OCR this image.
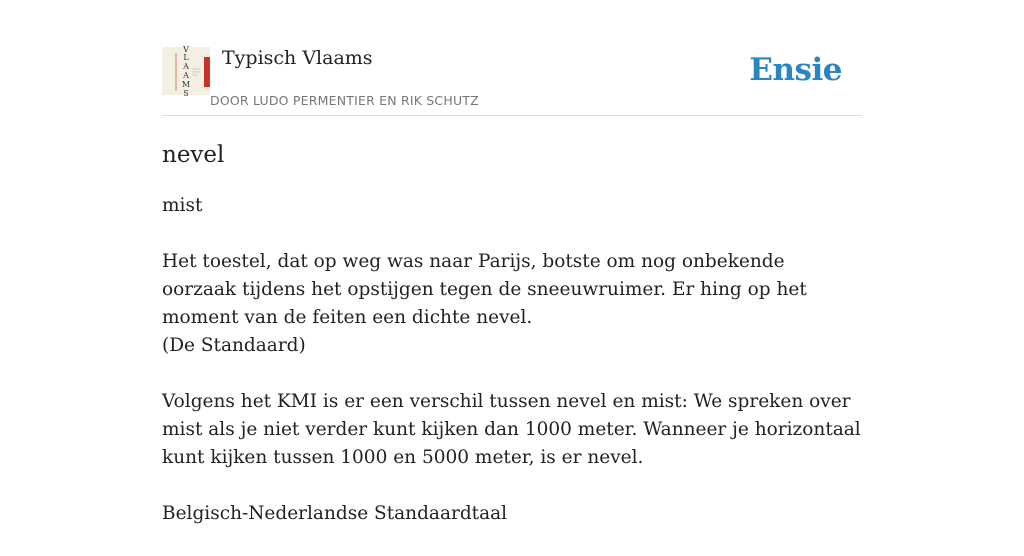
V
L
A
A
M
S
Typisch Vlaams
DOOR LUDO PERMENTIER EN RIK SCHUTZ
Ensie
nevel

mist

Het toestel, dat op weg was naar Parijs, botste om nog onbekende oorzaak tijdens het opstijgen tegen de sneeuwruimer. Er hing op het moment van de feiten een dichte nevel.
(De Standaard)

Volgens het KMI is er een verschil tussen nevel en mist: We spreken over mist als je niet verder kunt kijken dan 1000 meter. Wanneer je horizontaal kunt kijken tussen 1000 en 5000 meter, is er nevel.

Belgisch-Nederlandse Standaardtaal
